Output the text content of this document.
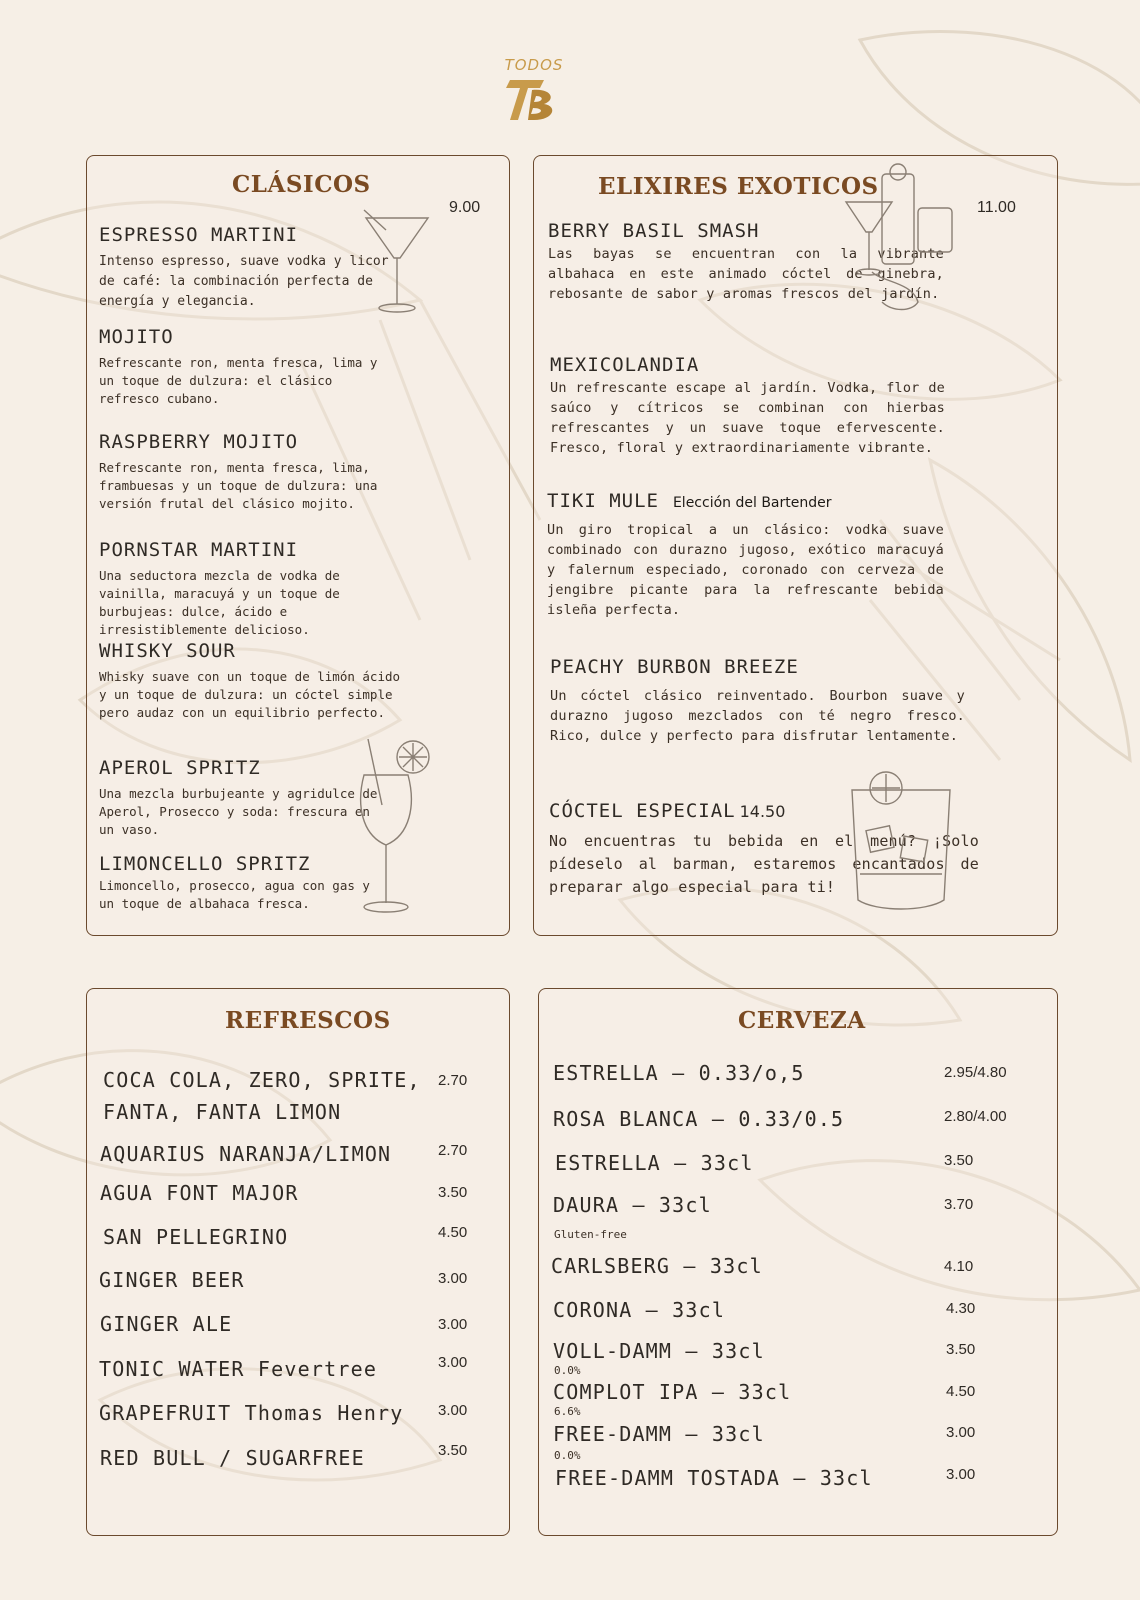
TODOS
CLÁSICOS
9.00
ESPRESSO MARTINI
Intenso espresso, suave vodka y licor de café: la combinación perfecta de energía y elegancia.
MOJITO
Refrescante ron, menta fresca, lima y un toque de dulzura: el clásico refresco cubano.
RASPBERRY MOJITO
Refrescante ron, menta fresca, lima, frambuesas y un toque de dulzura: una versión frutal del clásico mojito.
PORNSTAR MARTINI
Una seductora mezcla de vodka de vainilla, maracuyá y un toque de burbujeas: dulce, ácido e irresistiblemente delicioso.
WHISKY SOUR
Whisky suave con un toque de limón ácido y un toque de dulzura: un cóctel simple pero audaz con un equilibrio perfecto.
APEROL SPRITZ
Una mezcla burbujeante y agridulce de Aperol, Prosecco y soda: frescura en un vaso.
LIMONCELLO SPRITZ
Limoncello, prosecco, agua con gas y un toque de albahaca fresca.
ELIXIRES EXOTICOS
11.00
BERRY BASIL SMASH
Las bayas se encuentran con la vibrante albahaca en este animado cóctel de ginebra, rebosante de sabor y aromas frescos del jardín.
MEXICOLANDIA
Un refrescante escape al jardín. Vodka, flor de saúco y cítricos se combinan con hierbas refrescantes y un suave toque efervescente. Fresco, floral y extraordinariamente vibrante.
TIKI MULE Elección del Bartender
Un giro tropical a un clásico: vodka suave combinado con durazno jugoso, exótico maracuyá y falernum especiado, coronado con cerveza de jengibre picante para la refrescante bebida isleña perfecta.
PEACHY BURBON BREEZE
Un cóctel clásico reinventado. Bourbon suave y durazno jugoso mezclados con té negro fresco. Rico, dulce y perfecto para disfrutar lentamente.
CÓCTEL ESPECIAL 14.50
No encuentras tu bebida en el menú? ¡Solo pídeselo al barman, estaremos encantados de preparar algo especial para ti!
REFRESCOS
COCA COLA, ZERO, SPRITE,
FANTA, FANTA LIMON
2.70
AQUARIUS NARANJA/LIMON	2.70
AGUA FONT MAJOR	3.50
SAN PELLEGRINO	4.50
GINGER BEER	3.00
GINGER ALE	3.00
TONIC WATER Fevertree	3.00
GRAPEFRUIT Thomas Henry 3.00
RED BULL / SUGARFREE	3.50
CERVEZA
ESTRELLA – 0.33/o,5	2.95/4.80
ROSA BLANCA – 0.33/0.5	2.80/4.00
ESTRELLA – 33cl	3.50
DAURA – 33cl	3.70
Gluten-free
CARLSBERG – 33cl	4.10
CORONA – 33cl	4.30
VOLL-DAMM – 33cl	3.50
0.0%
COMPLOT IPA – 33cl	4.50
6.6%
FREE-DAMM – 33cl	3.00
0.0%
FREE-DAMM TOSTADA – 33cl	3.00
